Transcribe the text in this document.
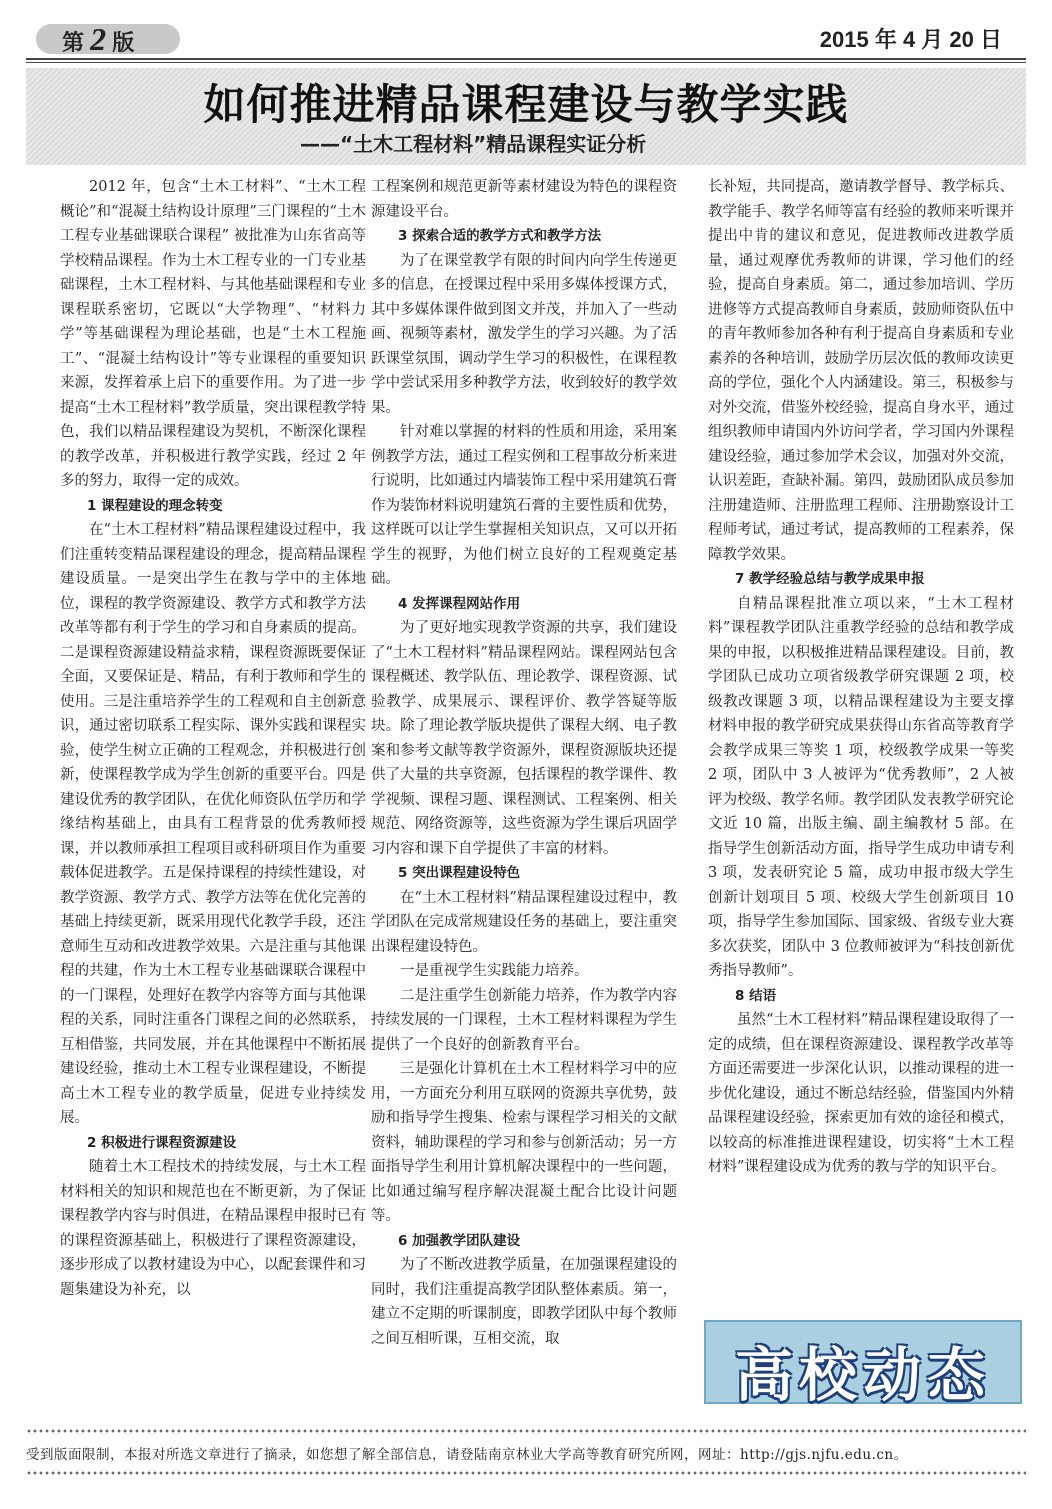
第 2 版	2015 年 4 月 20 日
如何推进精品课程建设与教学实践
——“土木工程材料”精品课程实证分析

2012 年，包含“土木工材料”、“土木工程概论”和“混凝土结构设计原理”三门课程的“土木工程专业基础课联合课程” 被批准为山东省高等学校精品课程。作为土木工程专业的一门专业基础课程，土木工程材料、与其他基础课程和专业课程联系密切，它既以“大学物理”、“材料力学”等基础课程为理论基础，也是“土木工程施工”、“混凝土结构设计”等专业课程的重要知识来源，发挥着承上启下的重要作用。为了进一步提高“土木工程材料”教学质量，突出课程教学特色，我们以精品课程建设为契机，不断深化课程的教学改革，并积极进行教学实践，经过 2 年多的努力，取得一定的成效。

1 课程建设的理念转变

在“土木工程材料”精品课程建设过程中，我们注重转变精品课程建设的理念，提高精品课程建设质量。一是突出学生在教与学中的主体地位，课程的教学资源建设、教学方式和教学方法改革等都有利于学生的学习和自身素质的提高。二是课程资源建设精益求精，课程资源既要保证全面，又要保证是、精品，有利于教师和学生的使用。三是注重培养学生的工程观和自主创新意识，通过密切联系工程实际、课外实践和课程实验，使学生树立正确的工程观念，并积极进行创新，使课程教学成为学生创新的重要平台。四是建设优秀的教学团队，在优化师资队伍学历和学缘结构基础上，由具有工程背景的优秀教师授课，并以教师承担工程项目或科研项目作为重要载体促进教学。五是保持课程的持续性建设，对教学资源、教学方式、教学方法等在优化完善的基础上持续更新，既采用现代化教学手段，还注意师生互动和改进教学效果。六是注重与其他课程的共建，作为土木工程专业基础课联合课程中的一门课程，处理好在教学内容等方面与其他课程的关系，同时注重各门课程之间的必然联系，互相借鉴，共同发展，并在其他课程中不断拓展建设经验，推动土木工程专业课程建设，不断提高土木工程专业的教学质量，促进专业持续发展。

2 积极进行课程资源建设

随着土木工程技术的持续发展，与土木工程材料相关的知识和规范也在不断更新，为了保证课程教学内容与时俱进，在精品课程申报时已有的课程资源基础上，积极进行了课程资源建设，逐步形成了以教材建设为中心，以配套课件和习题集建设为补充，以

工程案例和规范更新等素材建设为特色的课程资源建设平台。

3 探索合适的教学方式和教学方法

为了在课堂教学有限的时间内向学生传递更多的信息，在授课过程中采用多媒体授课方式，其中多媒体课件做到图文并茂，并加入了一些动画、视频等素材，激发学生的学习兴趣。为了活跃课堂氛围，调动学生学习的积极性，在课程教学中尝试采用多种教学方法，收到较好的教学效果。

针对难以掌握的材料的性质和用途，采用案例教学方法，通过工程实例和工程事故分析来进行说明，比如通过内墙装饰工程中采用建筑石膏作为装饰材料说明建筑石膏的主要性质和优势，这样既可以让学生掌握相关知识点，又可以开拓学生的视野，为他们树立良好的工程观奠定基础。

4 发挥课程网站作用

为了更好地实现教学资源的共享，我们建设了“土木工程材料”精品课程网站。课程网站包含课程概述、教学队伍、理论教学、课程资源、试验教学、成果展示、课程评价、教学答疑等版块。除了理论教学版块提供了课程大纲、电子教案和参考文献等教学资源外，课程资源版块还提供了大量的共享资源，包括课程的教学课件、教学视频、课程习题、课程测试、工程案例、相关规范、网络资源等，这些资源为学生课后巩固学习内容和课下自学提供了丰富的材料。

5 突出课程建设特色

在“土木工程材料”精品课程建设过程中，教学团队在完成常规建设任务的基础上，要注重突出课程建设特色。

一是重视学生实践能力培养。

二是注重学生创新能力培养，作为教学内容持续发展的一门课程，土木工程材料课程为学生提供了一个良好的创新教育平台。

三是强化计算机在土木工程材料学习中的应用，一方面充分利用互联网的资源共享优势，鼓励和指导学生搜集、检索与课程学习相关的文献资料，辅助课程的学习和参与创新活动；另一方面指导学生利用计算机解决课程中的一些问题，比如通过编写程序解决混凝土配合比设计问题等。

6 加强教学团队建设

为了不断改进教学质量，在加强课程建设的同时，我们注重提高教学团队整体素质。第一，建立不定期的听课制度，即教学团队中每个教师之间互相听课，互相交流，取

长补短，共同提高，邀请教学督导、教学标兵、教学能手、教学名师等富有经验的教师来听课并提出中肯的建议和意见，促进教师改进教学质量，通过观摩优秀教师的讲课，学习他们的经验，提高自身素质。第二，通过参加培训、学历进修等方式提高教师自身素质，鼓励师资队伍中的青年教师参加各种有利于提高自身素质和专业素养的各种培训，鼓励学历层次低的教师攻读更高的学位，强化个人内涵建设。第三，积极参与对外交流，借鉴外校经验，提高自身水平，通过组织教师申请国内外访问学者，学习国内外课程建设经验，通过参加学术会议，加强对外交流，认识差距，查缺补漏。第四，鼓励团队成员参加注册建造师、注册监理工程师、注册勘察设计工程师考试，通过考试，提高教师的工程素养，保障教学效果。

7 教学经验总结与教学成果申报

自精品课程批准立项以来，“土木工程材料”课程教学团队注重教学经验的总结和教学成果的申报，以积极推进精品课程建设。目前，教学团队已成功立项省级教学研究课题 2 项，校级教改课题 3 项，以精品课程建设为主要支撑材料申报的教学研究成果获得山东省高等教育学会教学成果三等奖 1 项，校级教学成果一等奖 2 项，团队中 3 人被评为“优秀教师”，2 人被评为校级、教学名师。教学团队发表教学研究论文近 10 篇，出版主编、副主编教材 5 部。在指导学生创新活动方面，指导学生成功申请专利 3 项，发表研究论 5 篇，成功申报市级大学生创新计划项目 5 项、校级大学生创新项目 10 项，指导学生参加国际、国家级、省级专业大赛多次获奖，团队中 3 位教师被评为“科技创新优秀指导教师”。

8 结语

虽然“土木工程材料”精品课程建设取得了一定的成绩，但在课程资源建设、课程教学改革等方面还需要进一步深化认识，以推动课程的进一步优化建设，通过不断总结经验，借鉴国内外精品课程建设经验，探索更加有效的途径和模式，以较高的标准推进课程建设，切实将“土木工程材料”课程建设成为优秀的教与学的知识平台。

高校动态
受到版面限制，本报对所选文章进行了摘录，如您想了解全部信息，请登陆南京林业大学高等教育研究所网，网址：http://gjs.njfu.edu.cn。
